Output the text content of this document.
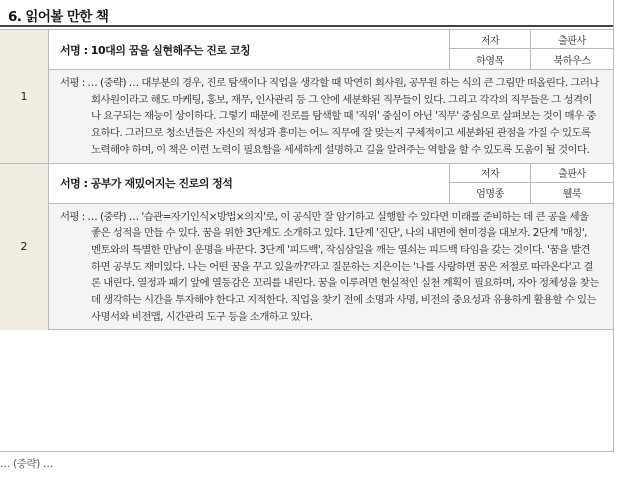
6. 읽어볼 만한 책
1	서명 : 10대의 꿈을 실현해주는 진로 코칭
저자 출판사
하영목 북하우스

	서평 : … (중략) … 대부분의 경우, 진로 탐색이나 직업을 생각할 때 막연히 회사원, 공무원 하는 식의 큰 그림만 떠올린다. 그러나 회사원이라고 해도 마케팅, 홍보, 재무, 인사관리 등 그 안에 세분화된 직무들이 있다. 그리고 각각의 직무들은 그 성격이나 요구되는 재능이 상이하다. 그렇기 때문에 진로를 탐색할 때 '직위' 중심이 아닌 '직무' 중심으로 살펴보는 것이 매우 중요하다. 그러므로 청소년들은 자신의 적성과 흥미는 어느 직무에 잘 맞는지 구체적이고 세분화된 관점을 가질 수 있도록 노력해야 하며, 이 책은 이런 노력이 필요함을 세세하게 설명하고 길을 알려주는 역할을 할 수 있도록 도움이 될 것이다.

2	서명 : 공부가 재밌어지는 진로의 정석
저자 출판사
엄명종 웰북

	서평 : … (중략) … '습관=자기인식×방법×의지'로, 이 공식만 잘 암기하고 실행할 수 있다면 미래를 준비하는 데 큰 공을 세울 좋은 성적을 만들 수 있다. 꿈을 위한 3단계도 소개하고 있다. 1단계 '진단', 나의 내면에 현미경을 대보자. 2단계 '매칭', 멘토와의 특별한 만남이 운명을 바꾼다. 3단계 '피드백', 작심삼일을 깨는 열쇠는 피드백 타임을 갖는 것이다. '꿈을 발견하면 공부도 재미있다. 나는 어떤 꿈을 꾸고 있을까?'라고 질문하는 지은이는 '나를 사랑하면 꿈은 저절로 따라온다'고 결론 내린다. 열정과 패기 앞에 열등감은 꼬리를 내린다. 꿈을 이루려면 현실적인 실천 계획이 필요하며, 자아 정체성을 찾는 데 생각하는 시간을 투자해야 한다고 지적한다. 직업을 찾기 전에 소명과 사명, 비전의 중요성과 유용하게 활용할 수 있는 사명서와 비전맵, 시간관리 도구 등을 소개하고 있다.
… (중략) …
